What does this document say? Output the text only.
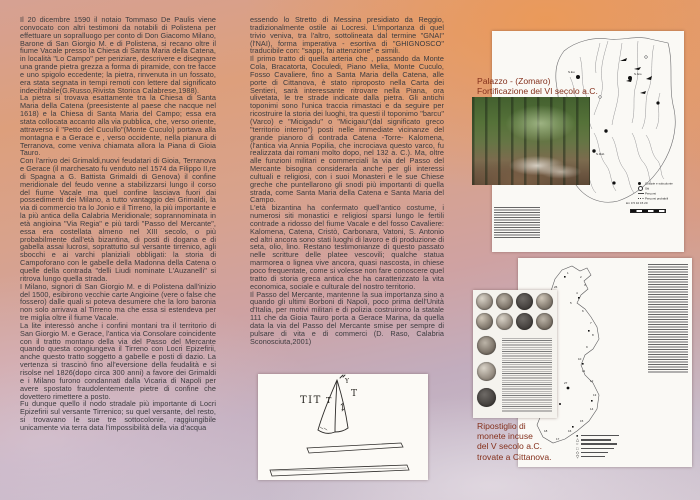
Il 20 dicembre 1590 il notaio Tommaso De Paulis viene convocato con altri testimoni da notabili di Polistena per effettuare un sopralluogo per conto di Don Giacomo Milano, Barone di San Giorgio M. e di Polistena, si recano oltre il fiume Vacale presso la Chiesa di Santa Maria della Catena, in località "Lo Campo" per periziare, descrivere e disegnare una grande pietra grezza a forma di piramide, con tre facce e uno spigolo eccedente; la pietra, rinvenuta in un fossato, era stata segnata in tempi remoti con lettere dal significato indecifrabile(G.Russo,Rivista Storica Calabrese,1988).

La pietra si trovava esattamente tra la Chiesa di Santa Maria della Catena (preesistente al paese che nacque nel 1618) e la Chiesa di Santa Maria del Campo; essa era stata collocata accanto alla via pubblica, che, verso oriente, attraverso il "Petto del Cucullo"(Monte Cuculo) portava alla montagna e a Gerace e , verso occidente, nella pianura di Terranova, come veniva chiamata allora la Piana di Gioia Tauro.

Con l'arrivo dei Grimaldi,nuovi feudatari di Gioia, Terranova e Gerace (il marchesato fu venduto nel 1574 da Filippo II,re di Spagna a G. Battista Grimaldi di Genova) il confine meridionale del feudo venne a stabilizzarsi lungo il corso del fiume Vacale ma quel confine lasciava fuori dai possedimenti dei Milano, a tutto vantaggio dei Grimaldi, la via di commercio tra lo Jonio e il Tirreno, la più importante e la più antica della Calabria Meridionale; soprannominata in età angioina "Via Regia" e più tardi "Passo del Mercante", essa era costellata almeno nel XIII secolo, o più probabilmente dall'età bizantina, di posti di dogana e di gabella assai lucrosi, soprattutto sul versante tirrenico, agli sbocchi e ai varchi planiziali obbligati: la storia di Campoforano con le gabelle della Madonna della Catena o quelle della contrada "delli Liudi nominate L'Auzanelli" si ritrova lungo quella strada.

I Milano, signori di San Giorgio M. e di Polistena dall'inizio del 1500, esibirono vecchie carte Angioine (vere o false che fossero) dalle quali si poteva desumere che la loro baronia non solo arrivava al Tirreno ma che essa si estendeva per tre miglia oltre il fiume Vacale.

La lite interessò anche i confini montani tra il territorio di San Giorgio M. e Gerace, l'antica via Consolare coincidente con il tratto montano della via del Passo del Mercante quando questa congiungeva il Tirreno con Locri Epizefirii, anche questo tratto soggetto a gabelle e posti di dazio. La vertenza si trascinò fino all'eversione della feudalità e si risolse nel 1826(dopo circa 300 anni) a favore dei Grimaldi e i Milano furono condannati dalla Vicaria di Napoli per avere spostato fraudolentemente pietre di confine che dovettero rimettere a posto.

Fu dunque quello il nodo stradale più importante di Locri Epizefirii sul versante Tirrenico; su quel versante, del resto, si trovavano le sue tre sottocolonie, raggiungibile unicamente via terra data l'impossibilità della via d'acqua

essendo lo Stretto di Messina presidiato da Reggio, tradizionalmente ostile ai Locresi. L'importanza di quel trivio veniva, tra l'altro, sottolineata dal termine "GNAI" (l'NAI), forma imperativa - esortiva di "GHIGNOSCO" traducibile con: "sappi, fai attenzione" e simili.

Il primo tratto di quella arteria che , passando da Monte Cola, Bracatorta, Coculedi, Piano Melia, Monte Cuculo, Fosso Cavaliere, fino a Santa Maria della Catena, alle porte di Cittanova, è stato riproposto nella Carta dei Sentieri, sarà interessante ritrovare nella Piana, ora ulivetata, le tre strade indicate dalla pietra. Gli antichi toponimi sono l'unica traccia rimastaci e da seguire per ricostruire la storia dei luoghi, tra questi il toponimo "barcu" (Varco) e "Micigadu" o "Micigaiu"(dal significato greco "territorio interno") posti nelle immediate vicinanze del grande pianoro di contrada Catena -Torre- Kalomena, (l'antica via Annia Popilia, che incrociava questo varco, fu realizzata dai romani molto dopo, nel 132 a. C.). Ma, oltre alle funzioni militari e commerciali la via del Passo del Mercante bisogna considerarla anche per gli interessi cultuali e religiosi, con i suoi Monasteri e le sue Chiese greche che puntellarono gli snodi più importanti di quella strada, come Santa Maria della Catena e Santa Maria del Campo.

L'età bizantina ha confermato quell'antico costume, i numerosi siti monastici e religiosi sparsi lungo le fertili contrade a ridosso del fiume Vacale e del fosso Cavaliere: Kalomena, Catena, Cristò, Carbonara, Vatoni, S. Antonio ed altri ancora sono stati luoghi di lavoro e di produzione di seta, olio, lino. Restano testimonianze di questo passato nelle scritture delle platee vescovili; qualche statua marmorea o lignea vive ancora, quasi nascosta, in chiese poco frequentate, come si volesse non fare conoscere quel tratto di storia greca antica che ha caratterizzato la vita economica, sociale e culturale del nostro territorio.

Il Passo del Mercante, mantenne la sua importanza sino a quando gli ultimi Borboni di Napoli, poco prima dell'Unità d'Italia, per motivi militari e di polizia costruirono la statale 111 che da Gioia Tauro porta a Gerace Marina, da quella data la via del Passo del Mercante smise per sempre di pulsare di vita e di commerci (D. Raso, Calabria Sconosciuta,2001)

TIT T
T
I
Y
S.Eu	S.Gio
S.Rob
Colonie e subcolonie
Siti
Percorsi
Percorsi probabili
km 0 5 10 15 20
Palazzo - (Zomaro)
Fortificazione del VI secolo a.C.
1
2
3
4
5
6
7
8
9
10
11
12
13
14
15
16
17
18
26
27
●
△
○
□
◇
▽
Ripostiglio di
monete incuse
del V secolo a.C.
trovate a Cittanova.
